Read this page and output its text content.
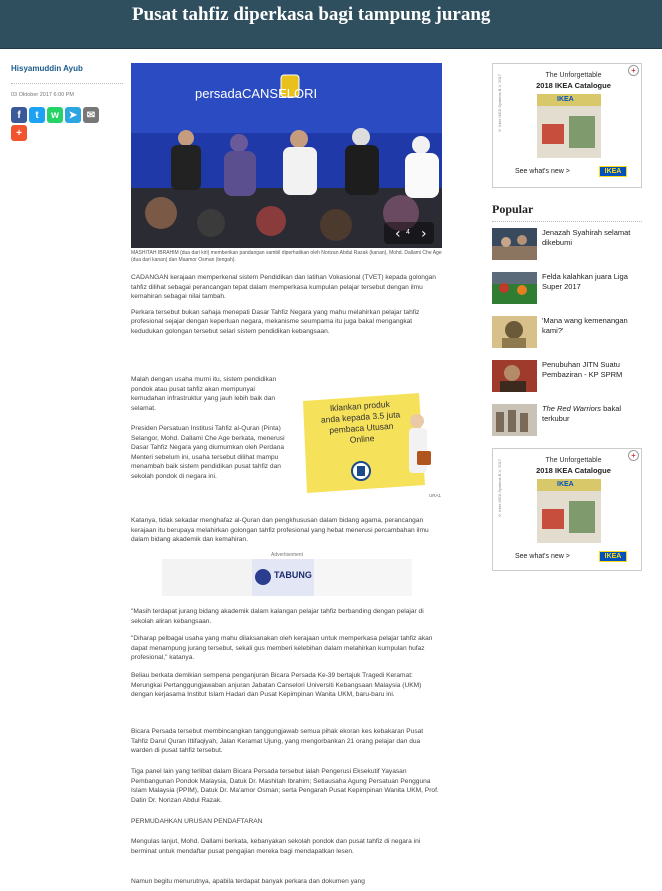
Pusat tahfiz diperkasa bagi tampung jurang
Hisyamuddin Ayub
03 Oktober 2017 6:00 PM
f t w ➤ ✉
+
‹ ›
persadaCANSELORI
4
MASHITAH IBRAHIM (dua dari kiri) memberikan pandangan sambil diperhatikan oleh Norizan Abdul Razak (kanan), Mohd. Dallami Che Age (dua dari kanan) dan Maamor Osman (tengah).

CADANGAN kerajaan memperkenal sistem Pendidikan dan latihan Vokasional (TVET) kepada golongan tahfiz dilihat sebagai perancangan tepat dalam memperkasa kumpulan pelajar tersebut dengan ilmu kemahiran sebagai nilai tambah.

Perkara tersebut bukan sahaja menepati Dasar Tahfiz Negara yang mahu melahirkan pelajar tahfiz profesional sejajar dengan keperluan negara, mekanisme seumpama itu juga bakal mengangkat kedudukan golongan tersebut selari sistem pendidikan kebangsaan.

Malah dengan usaha murni itu, sistem pendidikan pondok atau pusat tahfiz akan mempunyai kemudahan infrastruktur yang jauh lebih baik dan selamat.
Presiden Persatuan Institusi Tahfiz al-Quran (Pinta) Selangor, Mohd. Dallami Che Age berkata, menerusi Dasar Tahfiz Negara yang diumumkan oleh Perdana Menteri sebelum ini, usaha tersebut dilihat mampu menambah baik sistem pendidikan pusat tahfiz dan sekolah pondok di negara ini.
Iklankan produk anda kepada 3.5 juta pembaca Utusan Online
URA1
Katanya, tidak sekadar menghafaz al-Quran dan pengkhususan dalam bidang agama, perancangan kerajaan itu berupaya melahirkan golongan tahfiz profesional yang hebat menerusi percambahan ilmu dalam bidang akademik dan kemahiran.
Advertisement
TABUNG
"Masih terdapat jurang bidang akademik dalam kalangan pelajar tahfiz berbanding dengan pelajar di sekolah aliran kebangsaan.
"Diharap pelbagai usaha yang mahu dilaksanakan oleh kerajaan untuk memperkasa pelajar tahfiz akan dapat menampung jurang tersebut, sekali gus memberi kelebihan dalam melahirkan kumpulan hufaz profesional," katanya.
Beliau berkata demikian sempena penganjuran Bicara Persada Ke-39 bertajuk Tragedi Keramat: Merungkai Pertanggungjawaban anjuran Jabatan Canselori Universiti Kebangsaan Malaysia (UKM) dengan kerjasama Institut Islam Hadari dan Pusat Kepimpinan Wanita UKM, baru-baru ini.
Bicara Persada tersebut membincangkan tanggungjawab semua pihak ekoran kes kebakaran Pusat Tahfiz Darul Quran Ittifaqiyah, Jalan Keramat Ujung, yang mengorbankan 21 orang pelajar dan dua warden di pusat tahfiz tersebut.
Tiga panel lain yang terlibat dalam Bicara Persada tersebut ialah Pengerusi Eksekutif Yayasan Pembangunan Pondok Malaysia, Datuk Dr. Mashitah Ibrahim; Setiausaha Agung Persatuan Pengguna Islam Malaysia (PPIM), Datuk Dr. Ma'amor Osman; serta Pengarah Pusat Kepimpinan Wanita UKM, Prof. Datin Dr. Norizan Abdul Razak.
PERMUDAHKAN URUSAN PENDAFTARAN
Mengulas lanjut, Mohd. Dallami berkata, kebanyakan sekolah pondok dan pusat tahfiz di negara ini berminat untuk mendaftar pusat pengajian mereka bagi mendapatkan lesen.
Namun begitu menurutnya, apabila terdapat banyak perkara dan dokumen yang
+
© Inter IKEA Systems B.V. 2017	The Unforgettable
2018 IKEA Catalogue
IKEA
See what's new >	IKEA
Popular
Jenazah Syahirah selamat dikebumi
Felda kalahkan juara Liga Super 2017
'Mana wang kemenangan kami?'
Penubuhan JITN Suatu Pembaziran - KP SPRM
The Red Warriors bakal terkubur
+
© Inter IKEA Systems B.V. 2017	The Unforgettable
2018 IKEA Catalogue
IKEA
See what's new >	IKEA
